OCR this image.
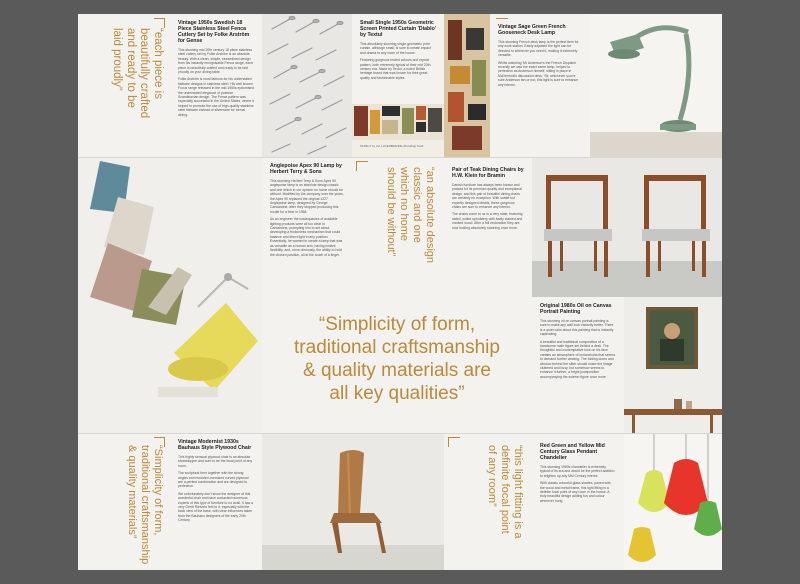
“each piece is
beautifully crafted
and ready to be
laid proudly”
Vintage 1950s Swedish 18 Piece Stainless Steel Fenca Cutlery Set by Folke Arström for Gense
This stunning mid 20th century 18 piece stainless steel cutlery set by Folke Arström is an absolute beauty. With a clean, simple, streamlined design from his instantly recognisable Fenca range, each piece is beautifully crafted and ready to be laid proudly on your dining table.
Folke Arström is most famous for his understated flatware designs in stainless steel. His well known Focus range released in the mid 1950s epitomised the understated elegance of postwar Scandinavian design. The Fenca pattern was especially successful in the United States, where it helped to promote the use of high-quality stainless steel flatware instead of silverware for formal dining.
Small Single 1950s Geometric Screen Printed Curtain 'Diablo' by Textul
This absolutely stunning single geometric print curtain, although small, is sure to create impact and drama to any room of the house.
Featuring gorgeous muted colours and repeat pattern, both extremely typical of their mid 20th century era. Made by Textul, a noted British heritage brand that was known for their great quality and fashionable styles.
'DIABLO' by I.M. LOVENBRANDE (Rundling) Textil
Vintage Sage Green French Gooseneck Desk Lamp
This stunning French desk lamp is the perfect item for any work station. Easily adjusted the light can be directed to wherever you need it, making it extremely versatile.
Whilst watching 'Mr Anderson's the French Dispatch recently we saw the exact same lamp, helped to perfection as Anderson himself, sitting in place in McDermott's discussion desk. 'Sir, whichever you're sure Anderson fan or not, this light is sure to enhance any interior.
Anglepoise Apex 90 Lamp by Herbert Terry & Sons
This stunning Herbert Terry & Sons Apex 90 anglepoise lamp is an absolute design classic and one which in our opinion no home should be without. Modified by the company over the years, the Apex 90 replaced the original 1227 Anglepoise lamp, designed by George Carwardine, after they stopped producing this model for a time in 1968.
As an engineer the inadequacies of available lighting products were all too clear to Carwardine, prompting him to set about developing a frictionless mechanism that could balance and direct light in any position. Essentially, he wanted to create a lamp that was as versatile as a human arm, having instant flexibility, and, more obviously, the ability to hold the chosen position, all at the touch of a finger.
“an absolute design
classic and one
which no home
should be without”
Pair of Teak Dining Chairs by H.W. Klein for Bramin
Danish furniture has always been known and praised for its premium quality and exceptional design, and this pair of beautiful dining chairs are certainly no exception. With subtle but expertly designed details, these gorgeous chairs are sure to enhance any interior.
The chairs come to us in a very state, featuring dated, soiled upholstery with badly stained and marked wood. After a full restoration they are now looking absolutely stunning once more.
“Simplicity of form,
traditional craftsmanship
& quality materials are
all key qualities”
Original 1980s Oil on Canvas Portrait Painting
This stunning oil on canvas portrait painting is sure to make any wall look instantly better. There is a quiet calm about this painting that is instantly captivating.
A beautiful and traditional composition of a handsome male figure set behind a desk. The thoughtful and contemplative look on his face creates an atmosphere of melancholia that seems to demand further viewing. The folding doors and window behind the sitter should make the image cluttered and busy, but somehow seems to enhance it further, a bright juxtaposition accompanying the solemn figure once more.
“Simplicity of form,
traditional craftsmanship
& quality materials”
Vintage Modernist 1930s Bauhaus Style Plywood Chair
This highly sensual plywood chair is an absolute showstopper and sure to be the focal point of any room.
The sculptural form together with the strong angles and moulded oversized curved plywood are a perfect combination and are designed to perfection.
We unfortunately don't know the designer of this wonderful chair and have contacted numerous experts of this type of furniture to no avail. It has a very Gerrit Rietveld feel to it, especially with the back view of the base, with clear influences taken from the Bauhaus designers of the early 20th Century.
“this light fitting is a
definite focal point
of any room”
Red Green and Yellow Mid Century Glass Pendant Chandelier
This stunning 1960s chandelier is extremely typical of its era and would be the perfect addition to brighten up any Mid Century interior.
With classic colourful glass shades, paired with the wood and metal frame, this light fitting is a definite focal point of any room in the house. A truly beautiful design adding fun and colour wherever hung.
